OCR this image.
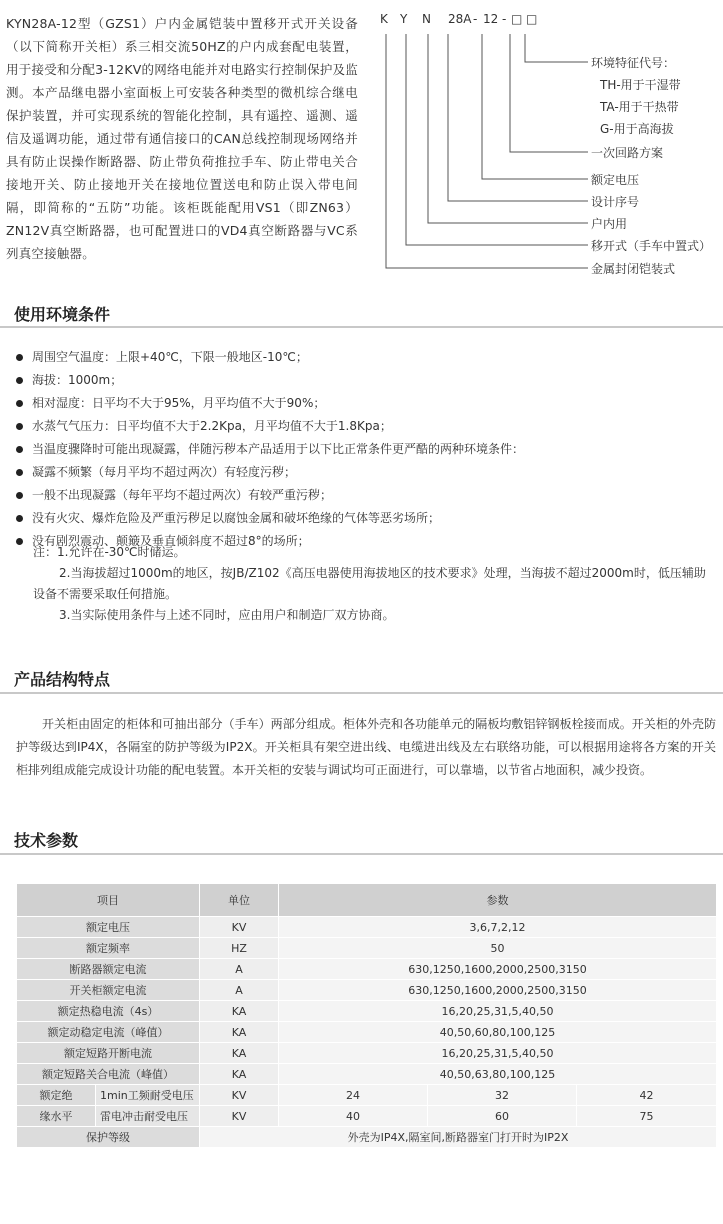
KYN28A-12型（GZS1）户内金属铠装中置移开式开关设备（以下简称开关柜）系三相交流50HZ的户内成套配电装置，用于接受和分配3-12KV的网络电能并对电路实行控制保护及监测。本产品继电器小室面板上可安装各种类型的微机综合继电保护装置，并可实现系统的智能化控制，具有遥控、遥测、遥信及遥调功能，通过带有通信接口的CAN总线控制现场网络并具有防止误操作断路器、防止带负荷推拉手车、防止带电关合接地开关、防止接地开关在接地位置送电和防止误入带电间隔，即简称的“五防”功能。该柜既能配用VS1（即ZN63）ZN12V真空断路器，也可配置进口的VD4真空断路器与VC系列真空接触器。
K Y N 28A - 12 - □ □
环境特征代号：
TH-用于干湿带
TA-用于干热带
G-用于高海拔
一次回路方案
额定电压
设计序号
户内用
移开式（手车中置式）
金属封闭铠装式
使用环境条件
周围空气温度：上限+40℃，下限一般地区-10℃；
海拔：1000m；
相对湿度：日平均不大于95%，月平均值不大于90%；
水蒸气气压力：日平均值不大于2.2Kpa，月平均值不大于1.8Kpa；
当温度骤降时可能出现凝露，伴随污秽本产品适用于以下比正常条件更严酷的两种环境条件：
凝露不频繁（每月平均不超过两次）有轻度污秽；
一般不出现凝露（每年平均不超过两次）有较严重污秽；
没有火灾、爆炸危险及严重污秽足以腐蚀金属和破坏绝缘的气体等恶劣场所；
没有剧烈震动、颠簸及垂直倾斜度不超过8°的场所；
注：1.允许在-30℃时储运。
2.当海拔超过1000m的地区，按JB/Z102《高压电器使用海拔地区的技术要求》处理，当海拔不超过2000m时，低压辅助设备不需要采取任何措施。
3.当实际使用条件与上述不同时，应由用户和制造厂双方协商。
产品结构特点
开关柜由固定的柜体和可抽出部分（手车）两部分组成。柜体外壳和各功能单元的隔板均敷铝锌钢板栓接而成。开关柜的外壳防护等级达到IP4X，各隔室的防护等级为IP2X。开关柜具有架空进出线、电缆进出线及左右联络功能，可以根据用途将各方案的开关柜排列组成能完成设计功能的配电装置。本开关柜的安装与调试均可正面进行，可以靠墙，以节省占地面积，减少投资。
技术参数
项目		单位	参数		
额定电压		KV	3,6,7,2,12		
额定频率		HZ	50		
断路器额定电流		A	630,1250,1600,2000,2500,3150		
开关柜额定电流		A	630,1250,1600,2000,2500,3150		
额定热稳电流（4s）		KA	16,20,25,31,5,40,50		
额定动稳定电流（峰值）		KA	40,50,60,80,100,125		
额定短路开断电流		KA	16,20,25,31,5,40,50		
额定短路关合电流（峰值）		KA	40,50,63,80,100,125		
额定绝	1min工频耐受电压	KV	24	32	42
缘水平	雷电冲击耐受电压	KV	40	60	75
保护等级		外壳为IP4X,隔室间,断路器室门打开时为IP2X			
